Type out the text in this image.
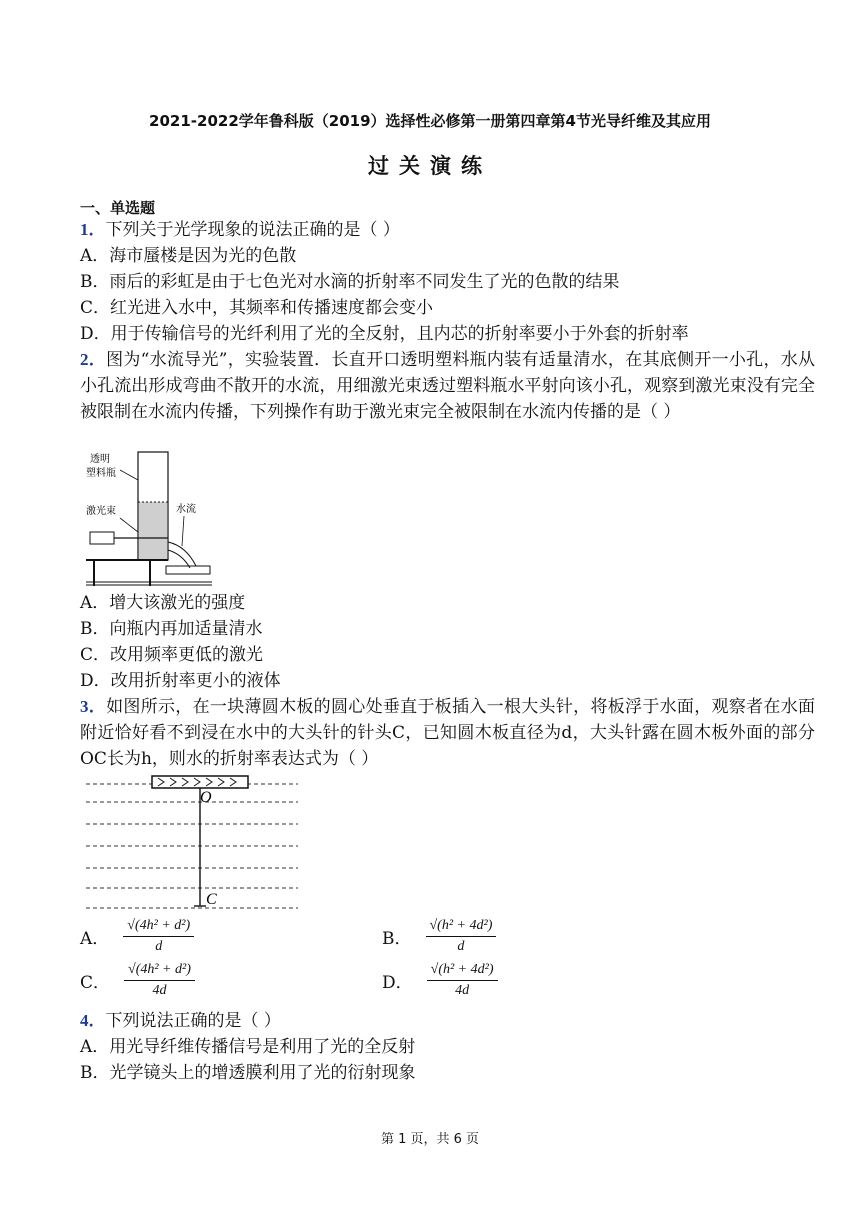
2021-2022学年鲁科版（2019）选择性必修第一册第四章第4节光导纤维及其应用
过关演练
一、单选题
1．下列关于光学现象的说法正确的是（ ）
A．海市蜃楼是因为光的色散
B．雨后的彩虹是由于七色光对水滴的折射率不同发生了光的色散的结果
C．红光进入水中，其频率和传播速度都会变小
D．用于传输信号的光纤利用了光的全反射，且内芯的折射率要小于外套的折射率
2．图为“水流导光”，实验装置．长直开口透明塑料瓶内装有适量清水，在其底侧开一小孔，水从小孔流出形成弯曲不散开的水流，用细激光束透过塑料瓶水平射向该小孔，观察到激光束没有完全被限制在水流内传播，下列操作有助于激光束完全被限制在水流内传播的是（ ）
透明
塑料瓶
激光束	水流
A．增大该激光的强度
B．向瓶内再加适量清水
C．改用频率更低的激光
D．改用折射率更小的液体
3．如图所示，在一块薄圆木板的圆心处垂直于板插入一根大头针，将板浮于水面，观察者在水面附近恰好看不到浸在水中的大头针的针头C，已知圆木板直径为d，大头针露在圆木板外面的部分OC长为h，则水的折射率表达式为（ ）
O
C
A． $\frac{\text{√(4h² + d²)}}{d}$	B． $\frac{\text{√(h² + 4d²)}}{d}$
C． $\frac{\text{√(4h² + d²)}}{4d}$	D． $\frac{\text{√(h² + 4d²)}}{4d}$
4．下列说法正确的是（ ）
A．用光导纤维传播信号是利用了光的全反射
B．光学镜头上的增透膜利用了光的衍射现象
第 1 页，共 6 页
